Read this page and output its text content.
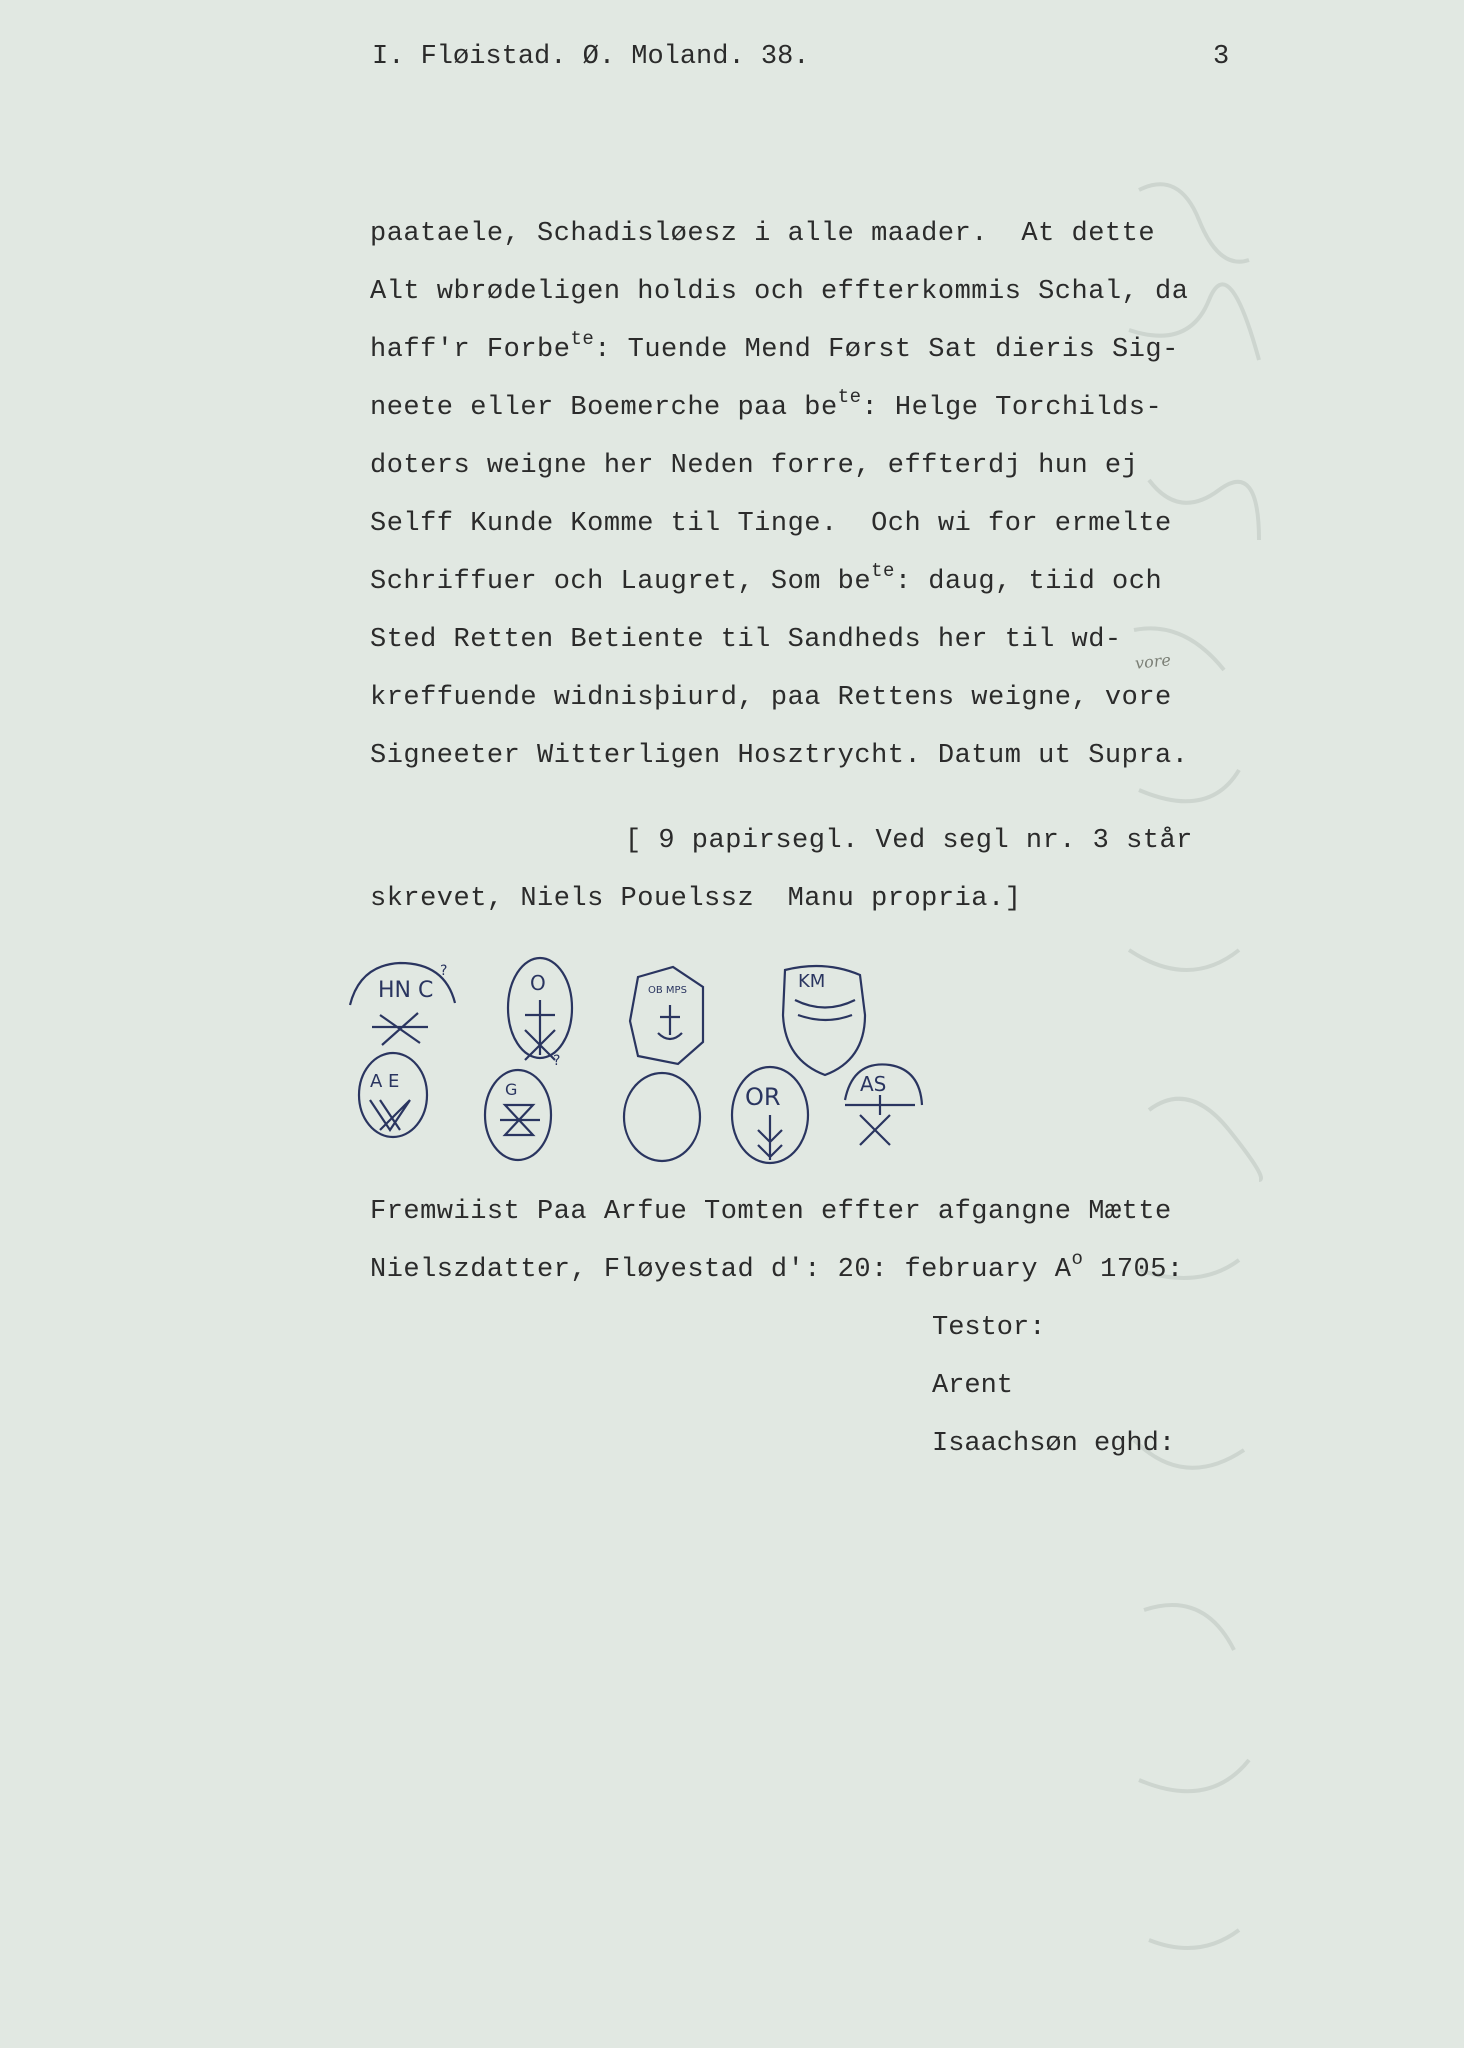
I. Fløistad. Ø. Moland. 38.	3
paataele, Schadisløesz i alle maader.  At dette
Alt wbrødeligen holdis och effterkommis Schal, da
haff'r Forbe$^{te}$: Tuende Mend Først Sat dieris Sig-
neete eller Boemerche paa $be^{te}$: Helge Torchilds-
doters weigne her Neden forre, effterdj hun ej
Selff Kunde Komme til Tinge.  Och wi for ermelte
Schriffuer och Laugret, Som $be^{te}$: daug, tiid och
Sted Retten Betiente til Sandheds her til wd-
kreffuende widnisþiurd, paa Rettens weigne, vore
Signeeter Witterligen Hosztrycht. Datum ut Supra.
vore
[ 9 papirsegl. Ved segl nr. 3 står
skrevet, Niels Pouelssz  Manu propria.]
HN C
?	O	OB MPS	KM
A E	G
?
OR	AS
Fremwiist Paa Arfue Tomten effter afgangne Mætte
Nielszdatter, Fløyestad d': 20: february $A^o$ 1705:
Testor:
Arent
Isaachsøn eghd:
